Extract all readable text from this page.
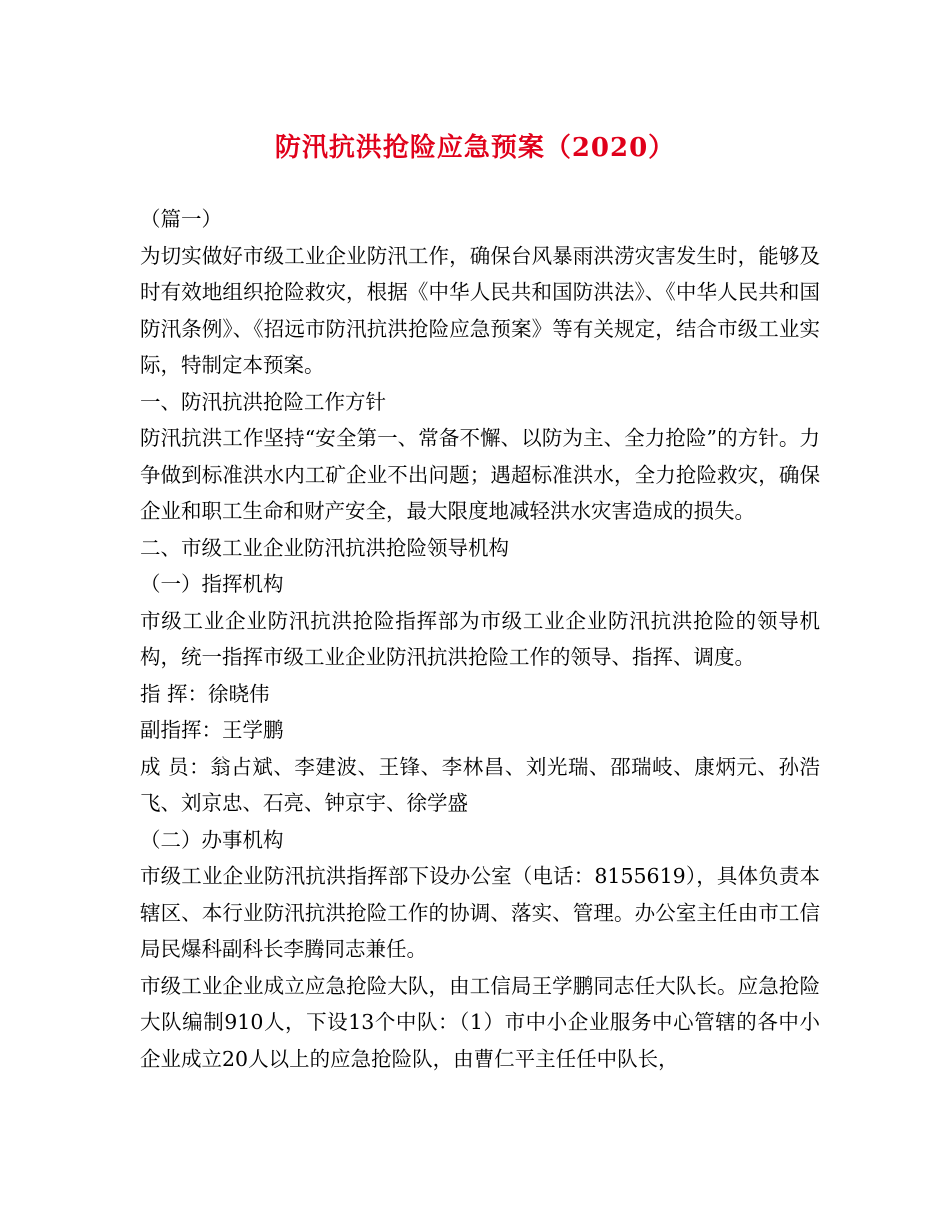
防汛抗洪抢险应急预案（2020）

（篇一）

为切实做好市级工业企业防汛工作，确保台风暴雨洪涝灾害发生时，能够及时有效地组织抢险救灾，根据《中华人民共和国防洪法》、《中华人民共和国防汛条例》、《招远市防汛抗洪抢险应急预案》等有关规定，结合市级工业实际，特制定本预案。

一、防汛抗洪抢险工作方针

防汛抗洪工作坚持“安全第一、常备不懈、以防为主、全力抢险”的方针。力争做到标准洪水内工矿企业不出问题；遇超标准洪水，全力抢险救灾，确保企业和职工生命和财产安全，最大限度地减轻洪水灾害造成的损失。

二、市级工业企业防汛抗洪抢险领导机构

（一）指挥机构

市级工业企业防汛抗洪抢险指挥部为市级工业企业防汛抗洪抢险的领导机构，统一指挥市级工业企业防汛抗洪抢险工作的领导、指挥、调度。

指 挥：徐晓伟

副指挥：王学鹏

成 员：翁占斌、李建波、王锋、李林昌、刘光瑞、邵瑞岐、康炳元、孙浩飞、刘京忠、石亮、钟京宇、徐学盛

（二）办事机构

市级工业企业防汛抗洪指挥部下设办公室（电话：8155619），具体负责本辖区、本行业防汛抗洪抢险工作的协调、落实、管理。办公室主任由市工信局民爆科副科长李腾同志兼任。

市级工业企业成立应急抢险大队，由工信局王学鹏同志任大队长。应急抢险大队编制910人，下设13个中队：（1）市中小企业服务中心管辖的各中小企业成立20人以上的应急抢险队，由曹仁平主任任中队长，
